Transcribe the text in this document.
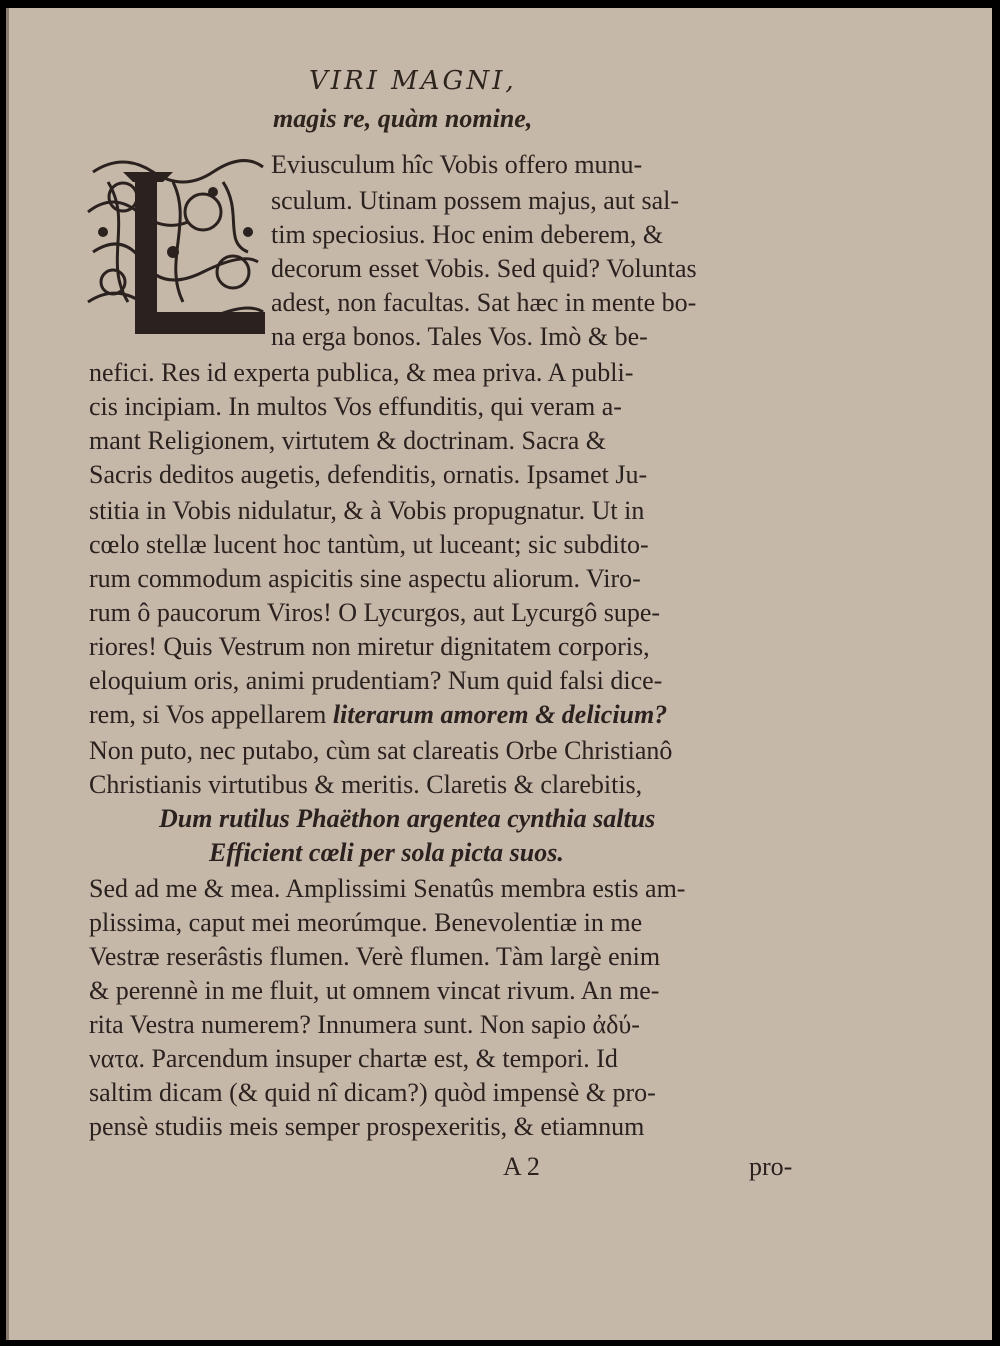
VIRI MAGNI,
magis re, quàm nomine,
Eviusculum hîc Vobis offero munu-
sculum. Utinam possem majus, aut sal-
tim speciosius. Hoc enim deberem, &
decorum esset Vobis. Sed quid? Voluntas
adest, non facultas. Sat hæc in mente bo-
na erga bonos. Tales Vos. Imò & be-
nefici. Res id experta publica, & mea priva. A publi-
cis incipiam. In multos Vos effunditis, qui veram a-
mant Religionem, virtutem & doctrinam. Sacra &
Sacris deditos augetis, defenditis, ornatis. Ipsamet Ju-
stitia in Vobis nidulatur, & à Vobis propugnatur. Ut in
cœlo stellæ lucent hoc tantùm, ut luceant; sic subdito-
rum commodum aspicitis sine aspectu aliorum. Viro-
rum ô paucorum Viros! O Lycurgos, aut Lycurgô supe-
riores! Quis Vestrum non miretur dignitatem corporis,
eloquium oris, animi prudentiam? Num quid falsi dice-
rem, si Vos appellarem literarum amorem & delicium?
Non puto, nec putabo, cùm sat clareatis Orbe Christianô
Christianis virtutibus & meritis. Claretis & clarebitis,
Dum rutilus Phaëthon argentea cynthia saltus
Efficient cœli per sola picta suos.
Sed ad me & mea. Amplissimi Senatûs membra estis am-
plissima, caput mei meorúmque. Benevolentiæ in me
Vestræ reserâstis flumen. Verè flumen. Tàm largè enim
& perennè in me fluit, ut omnem vincat rivum. An me-
rita Vestra numerem? Innumera sunt. Non sapio ἀδύ-
νατα. Parcendum insuper chartæ est, & tempori. Id
saltim dicam (& quid nî dicam?) quòd impensè & pro-
pensè studiis meis semper prospexeritis, & etiamnum
A 2	pro-
